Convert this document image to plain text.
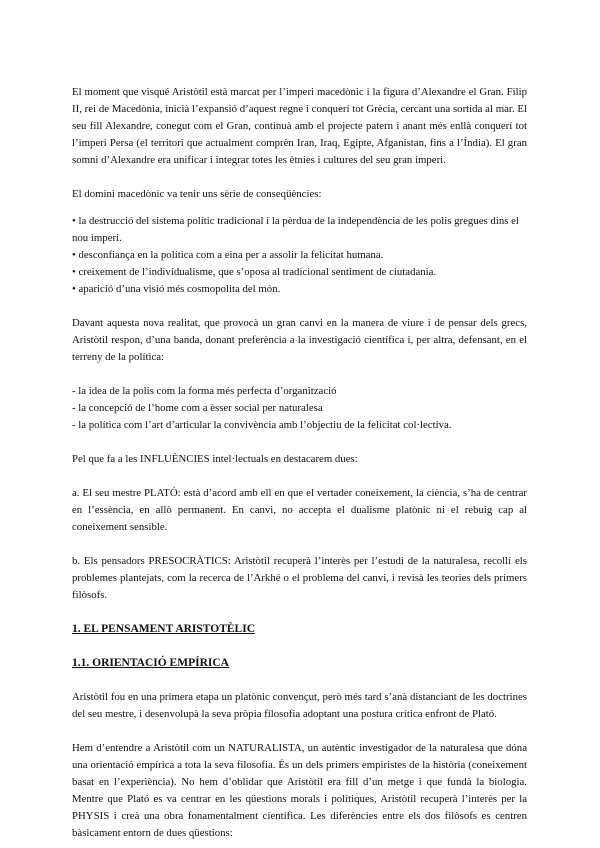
El moment que visqué Aristòtil està marcat per l’imperi macedònic i la figura d’Alexandre el Gran. Filip II, rei de Macedònia, inicià l’expansió d’aquest regne i conquerí tot Grècia, cercant una sortida al mar. El seu fill Alexandre, conegut com el Gran, continuà amb el projecte patern i anant més enllà conquerí tot l’imperi Persa (el territori que actualment comprèn Iran, Iraq, Egipte, Afganistan, fins a l’Índia). El gran somni d’Alexandre era unificar i integrar totes les ètnies i cultures del seu gran imperi.

El domini macedònic va tenir uns sèrie de conseqüències:

• la destrucció del sistema polític tradicional i la pèrdua de la independència de les polis gregues dins el nou imperi.

• desconfiança en la política com a eina per a assolir la felicitat humana.

• creixement de l’individualisme, que s’oposa al tradicional sentiment de ciutadania.

• aparició d’una visió més cosmopolita del món.

Davant aquesta nova realitat, que provocà un gran canvi en la manera de viure i de pensar dels grecs, Aristòtil respon, d’una banda, donant preferència a la investigació científica i, per altra, defensant, en el terreny de la política:

- la idea de la polis com la forma més perfecta d’organització

- la concepció de l’home com a èsser social per naturalesa

- la política com l’art d’articular la convivència amb l’objectiu de la felicitat col·lectiva.

Pel que fa a les INFLUÈNCIES intel·lectuals en destacarem dues:

a. El seu mestre PLATÓ: està d’acord amb ell en que el vertader coneixement, la ciència, s’ha de centrar en l’essència, en allò permanent. En canvi, no accepta el dualisme platònic ni el rebuig cap al coneixement sensible.

b. Els pensadors PRESOCRÀTICS: Aristòtil recuperà l’interès per l’estudi de la naturalesa, recollí els problemes plantejats, com la recerca de l’Arkhé o el problema del canvi, i revisà les teories dels primers filòsofs.

1. EL PENSAMENT ARISTOTÈLIC

1.1. ORIENTACIÓ EMPÍRICA

Aristòtil fou en una primera etapa un platònic convençut, però més tard s’anà distanciant de les doctrines del seu mestre, i desenvolupà la seva pròpia filosofia adoptant una postura crítica enfront de Plató.

Hem d’entendre a Aristòtil com un NATURALISTA, un autèntic investigador de la naturalesa que dóna una orientació empírica a tota la seva filosofia. És un dels primers empiristes de la història (coneixement basat en l’experiència). No hem d’oblidar que Aristòtil era fill d’un metge i que fundà la biologia. Mentre que Plató es va centrar en les qüestions morals i polítiques, Aristòtil recuperà l’interès per la PHYSIS i creà una obra fonamentalment científica. Les diferències entre els dos filòsofs es centren bàsicament entorn de dues qüestions:
